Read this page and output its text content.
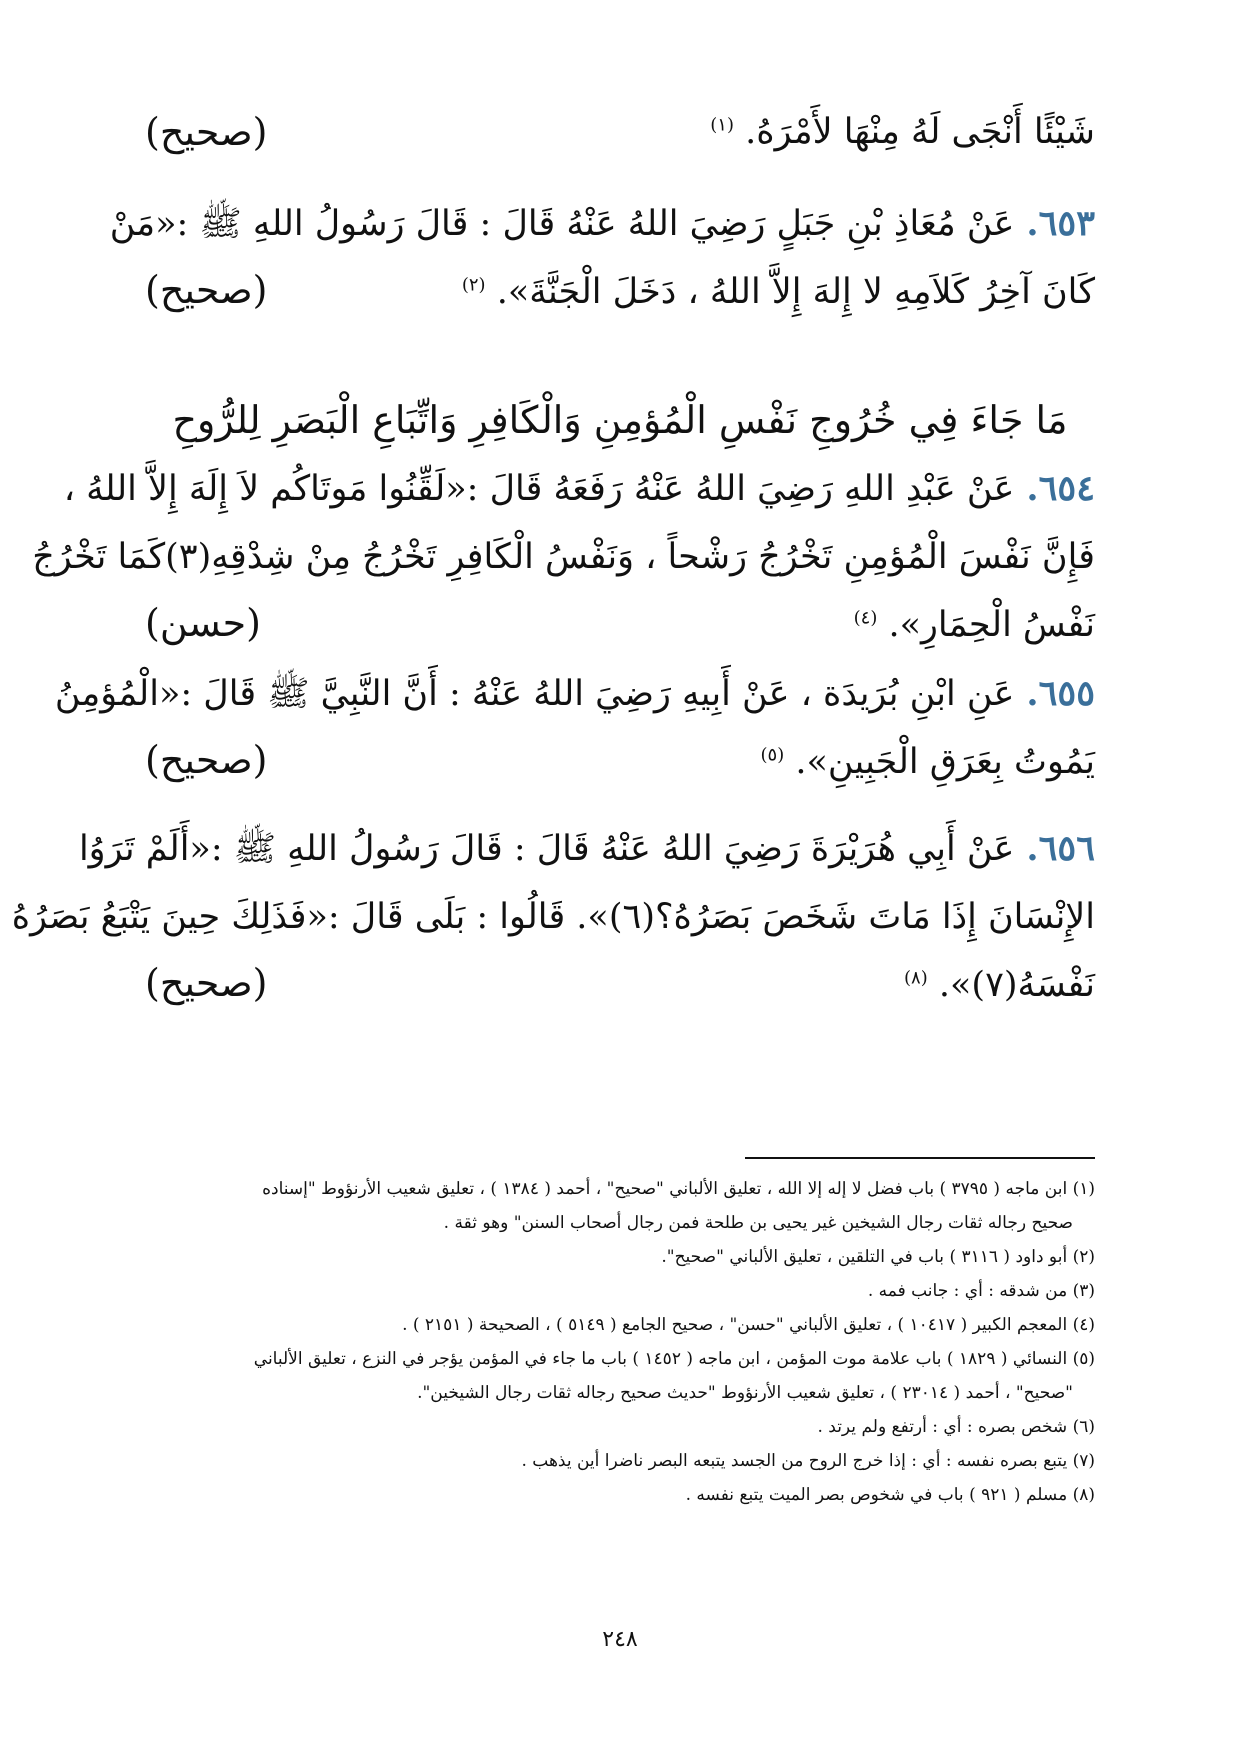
شَيْئًا أَنْجَى لَهُ مِنْهَا لأَمْرَهُ. $^{(١)}$
(صحيح)
٦٥٣.عَنْ مُعَاذِ بْنِ جَبَلٍ رَضِيَ اللهُ عَنْهُ قَالَ : قَالَ رَسُولُ اللهِ ﷺ :«مَنْ
كَانَ آخِرُ كَلاَمِهِ لا إِلهَ إِلاَّ اللهُ ، دَخَلَ الْجَنَّةَ». $^{(٢)}$
(صحيح)
مَا جَاءَ فِي خُرُوجِ نَفْسِ الْمُؤمِنِ وَالْكَافِرِ وَاتِّبَاعِ الْبَصَرِ لِلرُّوحِ
٦٥٤.عَنْ عَبْدِ اللهِ رَضِيَ اللهُ عَنْهُ رَفَعَهُ قَالَ :«لَقِّنُوا مَوتَاكُم لاَ إِلَهَ إِلاَّ اللهُ ،
فَإِنَّ نَفْسَ الْمُؤمِنِ تَخْرُجُ رَشْحاً ، وَنَفْسُ الْكَافِرِ تَخْرُجُ مِنْ شِدْقِهِ(٣)كَمَا تَخْرُجُ
نَفْسُ الْحِمَارِ». $^{(٤)}$
(حسن)
٦٥٥.عَنِ ابْنِ بُرَيدَة ، عَنْ أَبِيهِ رَضِيَ اللهُ عَنْهُ : أَنَّ النَّبِيَّ ﷺ قَالَ :«الْمُؤمِنُ
يَمُوتُ بِعَرَقِ الْجَبِينِ». $^{(٥)}$
(صحيح)
٦٥٦.عَنْ أَبِي هُرَيْرَةَ رَضِيَ اللهُ عَنْهُ قَالَ : قَالَ رَسُولُ اللهِ ﷺ :«أَلَمْ تَرَوُا
الإِنْسَانَ إِذَا مَاتَ شَخَصَ بَصَرُهُ؟(٦)». قَالُوا : بَلَى قَالَ :«فَذَلِكَ حِينَ يَتْبَعُ بَصَرُهُ
نَفْسَهُ(٧)». $^{(٨)}$
(صحيح)
(١) ابن ماجه ( ٣٧٩٥ ) باب فضل لا إله إلا الله ، تعليق الألباني "صحيح" ، أحمد ( ١٣٨٤ ) ، تعليق شعيب الأرنؤوط "إسناده
صحيح رجاله ثقات رجال الشيخين غير يحيى بن طلحة فمن رجال أصحاب السنن" وهو ثقة .
(٢) أبو داود ( ٣١١٦ ) باب في التلقين ، تعليق الألباني "صحيح".
(٣) من شدقه : أي : جانب فمه .
(٤) المعجم الكبير ( ١٠٤١٧ ) ، تعليق الألباني "حسن" ، صحيح الجامع ( ٥١٤٩ ) ، الصحيحة ( ٢١٥١ ) .
(٥) النسائي ( ١٨٢٩ ) باب علامة موت المؤمن ، ابن ماجه ( ١٤٥٢ ) باب ما جاء في المؤمن يؤجر في النزع ، تعليق الألباني
"صحيح" ، أحمد ( ٢٣٠١٤ ) ، تعليق شعيب الأرنؤوط "حديث صحيح رجاله ثقات رجال الشيخين".
(٦) شخص بصره : أي : أرتفع ولم يرتد .
(٧) يتبع بصره نفسه : أي : إذا خرج الروح من الجسد يتبعه البصر ناضرا أين يذهب .
(٨) مسلم ( ٩٢١ ) باب في شخوص بصر الميت يتبع نفسه .
٢٤٨
